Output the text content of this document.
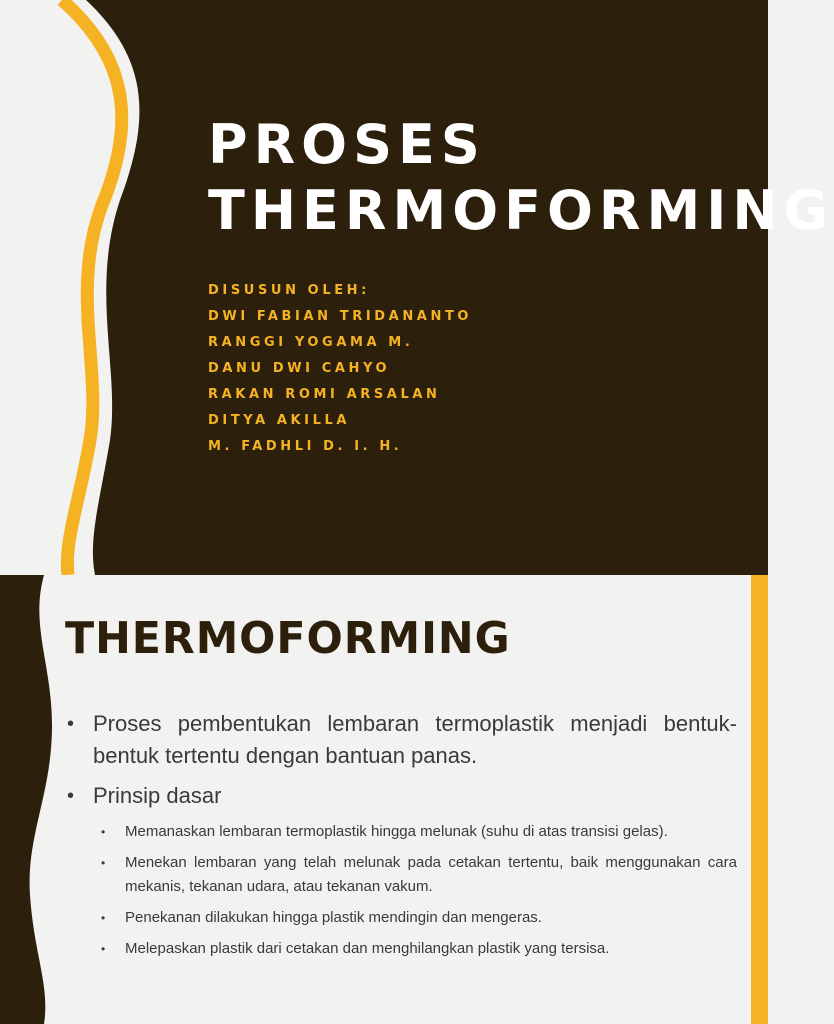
PROSES
THERMOFORMING
DISUSUN OLEH:
DWI FABIAN TRIDANANTO
RANGGI YOGAMA M.
DANU DWI CAHYO
RAKAN ROMI ARSALAN
DITYA AKILLA
M. FADHLI D. I. H.
THERMOFORMING

• Proses pembentukan lembaran termoplastik menjadi bentuk-bentuk tertentu dengan bantuan panas.

• Prinsip dasar

• Memanaskan lembaran termoplastik hingga melunak (suhu di atas transisi gelas).

• Menekan lembaran yang telah melunak pada cetakan tertentu, baik menggunakan cara mekanis, tekanan udara, atau tekanan vakum.

• Penekanan dilakukan hingga plastik mendingin dan mengeras.

• Melepaskan plastik dari cetakan dan menghilangkan plastik yang tersisa.
